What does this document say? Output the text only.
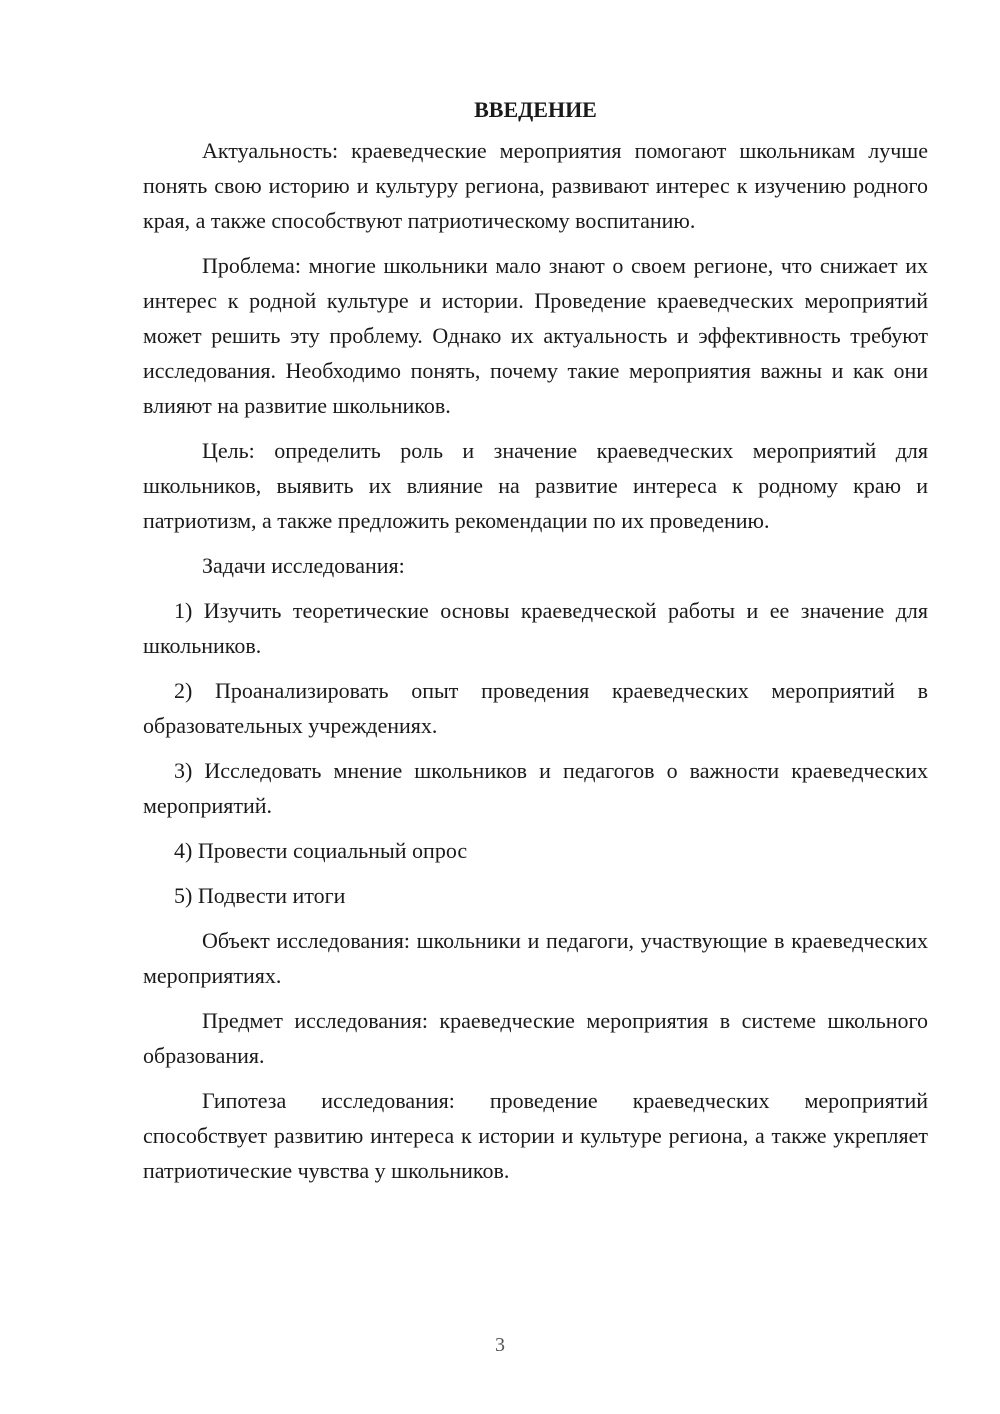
ВВЕДЕНИЕ

Актуальность: краеведческие мероприятия помогают школьникам лучше понять свою историю и культуру региона, развивают интерес к изучению родного края, а также способствуют патриотическому воспитанию.

Проблема: многие школьники мало знают о своем регионе, что снижает их интерес к родной культуре и истории. Проведение краеведческих мероприятий может решить эту проблему. Однако их актуальность и эффективность требуют исследования. Необходимо понять, почему такие мероприятия важны и как они влияют на развитие школьников.

Цель: определить роль и значение краеведческих мероприятий для школьников, выявить их влияние на развитие интереса к родному краю и патриотизм, а также предложить рекомендации по их проведению.

Задачи исследования:

1) Изучить теоретические основы краеведческой работы и ее значение для школьников.

2) Проанализировать опыт проведения краеведческих мероприятий в образовательных учреждениях.

3) Исследовать мнение школьников и педагогов о важности краеведческих мероприятий.

4) Провести социальный опрос

5) Подвести итоги

Объект исследования: школьники и педагоги, участвующие в краеведческих мероприятиях.

Предмет исследования: краеведческие мероприятия в системе школьного образования.

Гипотеза исследования: проведение краеведческих мероприятий способствует развитию интереса к истории и культуре региона, а также укрепляет патриотические чувства у школьников.

3
